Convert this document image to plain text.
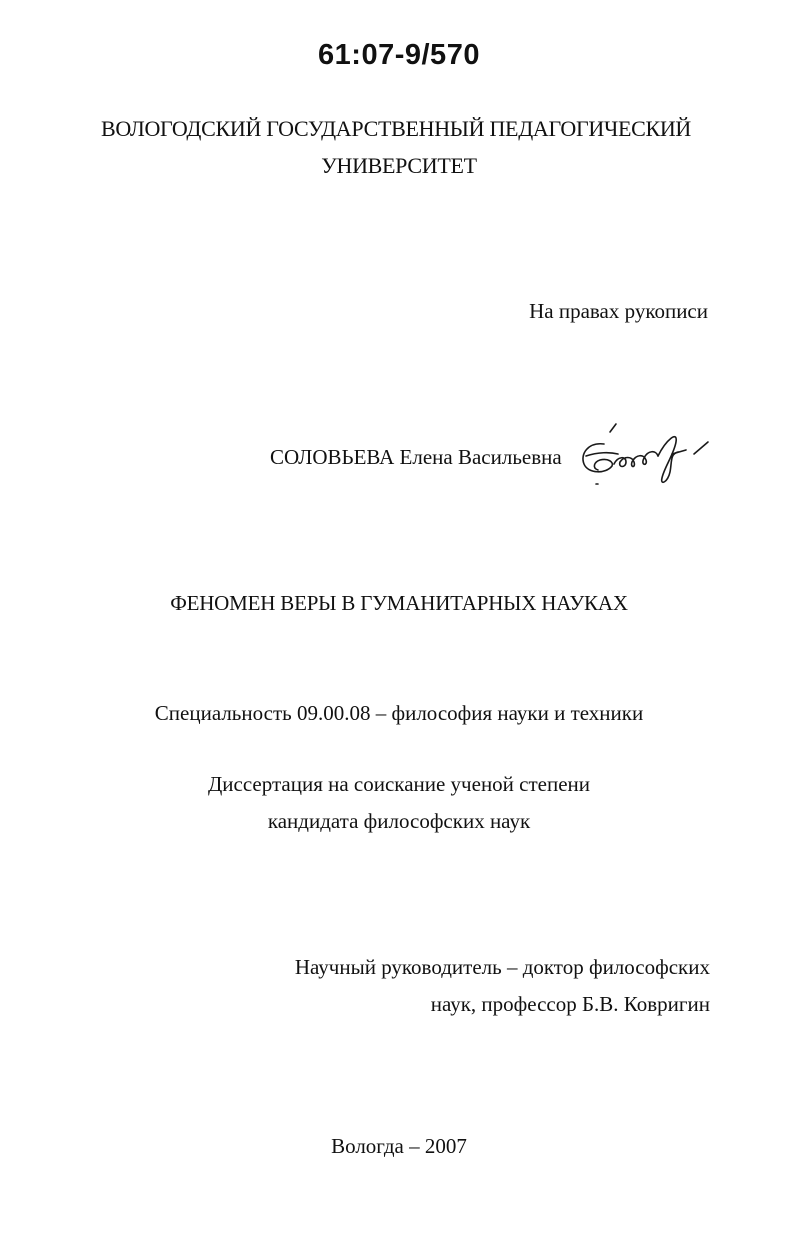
61:07-9/570
ВОЛОГОДСКИЙ ГОСУДАРСТВЕННЫЙ ПЕДАГОГИЧЕСКИЙ
УНИВЕРСИТЕТ
На правах рукописи
СОЛОВЬЕВА Елена Васильевна
ФЕНОМЕН ВЕРЫ В ГУМАНИТАРНЫХ НАУКАХ
Специальность 09.00.08 – философия науки и техники
Диссертация на соискание ученой степени
кандидата философских наук
Научный руководитель – доктор философских
наук, профессор Б.В. Ковригин
Вологда – 2007
